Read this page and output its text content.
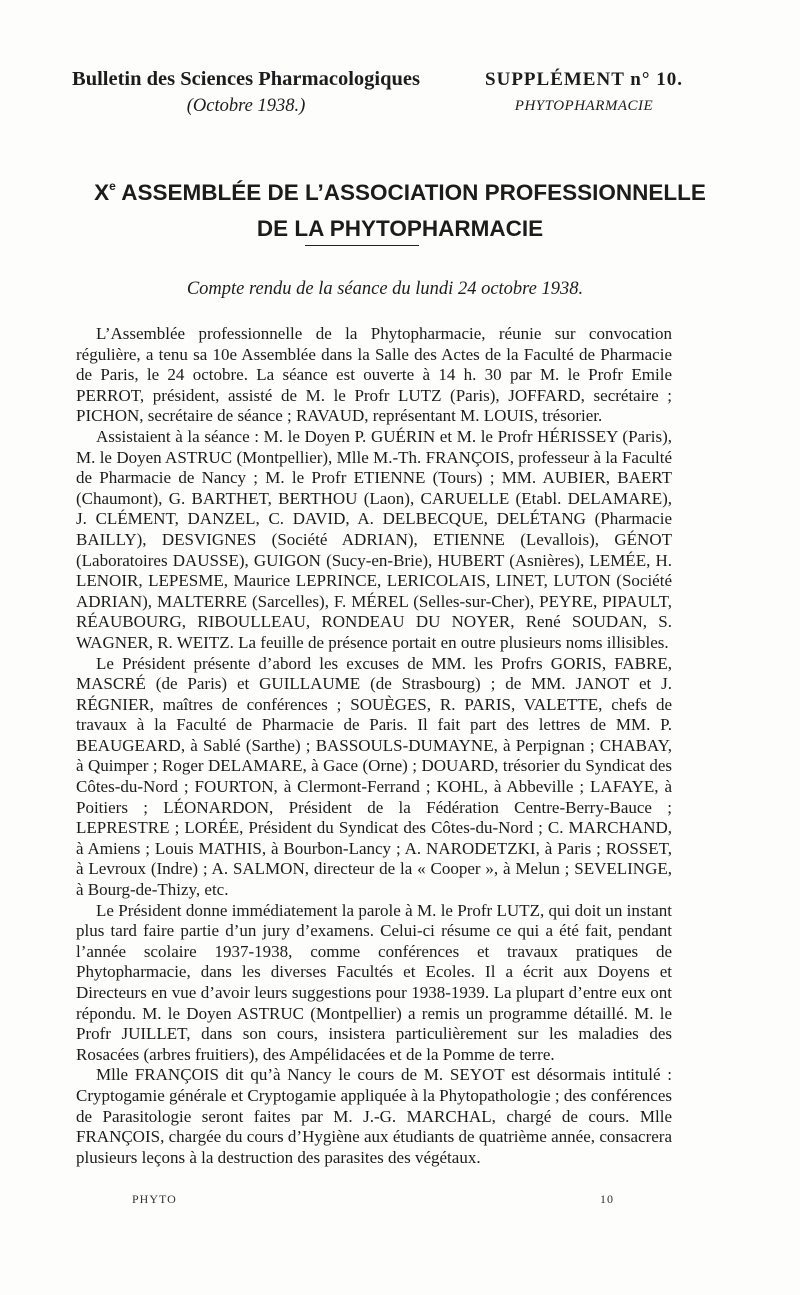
Bulletin des Sciences Pharmacologiques
(Octobre 1938.)
SUPPLÉMENT n° 10.
PHYTOPHARMACIE
Xe ASSEMBLÉE DE L’ASSOCIATION PROFESSIONNELLE
DE LA PHYTOPHARMACIE
Compte rendu de la séance du lundi 24 octobre 1938.

L’Assemblée professionnelle de la Phytopharmacie, réunie sur convocation régulière, a tenu sa 10e Assemblée dans la Salle des Actes de la Faculté de Pharmacie de Paris, le 24 octobre. La séance est ouverte à 14 h. 30 par M. le Profr Emile PERROT, président, assisté de M. le Profr LUTZ (Paris), JOFFARD, secrétaire ; PICHON, secrétaire de séance ; RAVAUD, représentant M. LOUIS, trésorier.

Assistaient à la séance : M. le Doyen P. GUÉRIN et M. le Profr HÉRISSEY (Paris), M. le Doyen ASTRUC (Montpellier), Mlle M.-Th. FRANÇOIS, professeur à la Faculté de Pharmacie de Nancy ; M. le Profr ETIENNE (Tours) ; MM. AUBIER, BAERT (Chaumont), G. BARTHET, BERTHOU (Laon), CARUELLE (Etabl. DELAMARE), J. CLÉMENT, DANZEL, C. DAVID, A. DELBECQUE, DELÉTANG (Pharmacie BAILLY), DESVIGNES (Société ADRIAN), ETIENNE (Levallois), GÉNOT (Laboratoires DAUSSE), GUIGON (Sucy-en-Brie), HUBERT (Asnières), LEMÉE, H. LENOIR, LEPESME, Maurice LEPRINCE, LERICOLAIS, LINET, LUTON (Société ADRIAN), MALTERRE (Sarcelles), F. MÉREL (Selles-sur-Cher), PEYRE, PIPAULT, RÉAUBOURG, RIBOULLEAU, RONDEAU DU NOYER, René SOUDAN, S. WAGNER, R. WEITZ. La feuille de présence portait en outre plusieurs noms illisibles.

Le Président présente d’abord les excuses de MM. les Profrs GORIS, FABRE, MASCRÉ (de Paris) et GUILLAUME (de Strasbourg) ; de MM. JANOT et J. RÉGNIER, maîtres de conférences ; SOUÈGES, R. PARIS, VALETTE, chefs de travaux à la Faculté de Pharmacie de Paris. Il fait part des lettres de MM. P. BEAUGEARD, à Sablé (Sarthe) ; BASSOULS-DUMAYNE, à Perpignan ; CHABAY, à Quimper ; Roger DELAMARE, à Gace (Orne) ; DOUARD, trésorier du Syndicat des Côtes-du-Nord ; FOURTON, à Clermont-Ferrand ; KOHL, à Abbeville ; LAFAYE, à Poitiers ; LÉONARDON, Président de la Fédération Centre-Berry-Bauce ; LEPRESTRE ; LORÉE, Président du Syndicat des Côtes-du-Nord ; C. MARCHAND, à Amiens ; Louis MATHIS, à Bourbon-Lancy ; A. NARODETZKI, à Paris ; ROSSET, à Levroux (Indre) ; A. SALMON, directeur de la « Cooper », à Melun ; SEVELINGE, à Bourg-de-Thizy, etc.

Le Président donne immédiatement la parole à M. le Profr LUTZ, qui doit un instant plus tard faire partie d’un jury d’examens. Celui-ci résume ce qui a été fait, pendant l’année scolaire 1937-1938, comme conférences et travaux pratiques de Phytopharmacie, dans les diverses Facultés et Ecoles. Il a écrit aux Doyens et Directeurs en vue d’avoir leurs suggestions pour 1938-1939. La plupart d’entre eux ont répondu. M. le Doyen ASTRUC (Montpellier) a remis un programme détaillé. M. le Profr JUILLET, dans son cours, insistera particulièrement sur les maladies des Rosacées (arbres fruitiers), des Ampélidacées et de la Pomme de terre.

Mlle FRANÇOIS dit qu’à Nancy le cours de M. SEYOT est désormais intitulé : Cryptogamie générale et Cryptogamie appliquée à la Phytopathologie ; des conférences de Parasitologie seront faites par M. J.-G. MARCHAL, chargé de cours. Mlle FRANÇOIS, chargée du cours d’Hygiène aux étudiants de quatrième année, consacrera plusieurs leçons à la destruction des parasites des végétaux.

PHYTO	10
